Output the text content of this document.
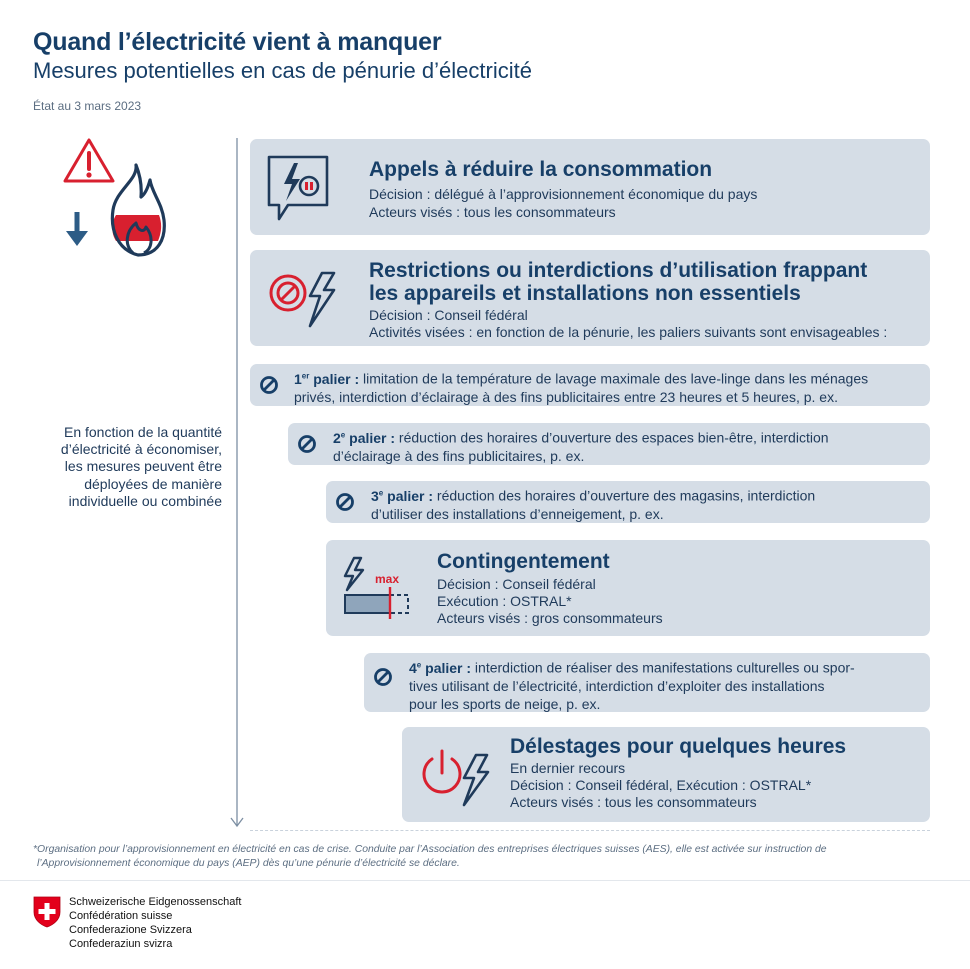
Quand l’électricité vient à manquer
Mesures potentielles en cas de pénurie d’électricité
État au 3 mars 2023
En fonction de la quantité d’électricité à économiser, les mesures peuvent être déployées de manière individuelle ou combinée
Appels à réduire la consommation
Décision : délégué à l’approvisionnement économique du pays
Acteurs visés : tous les consommateurs
Restrictions ou interdictions d’utilisation frappant
les appareils et installations non essentiels
Décision : Conseil fédéral
Activités visées : en fonction de la pénurie, les paliers suivants sont envisageables :
1er palier : limitation de la température de lavage maximale des lave-linge dans les ménages
privés, interdiction d’éclairage à des fins publicitaires entre 23 heures et 5 heures, p. ex.
2e palier : réduction des horaires d’ouverture des espaces bien-être, interdiction
d’éclairage à des fins publicitaires, p. ex.
3e palier : réduction des horaires d’ouverture des magasins, interdiction
d’utiliser des installations d’enneigement, p. ex.
max
Contingentement
Décision : Conseil fédéral
Exécution : OSTRAL*
Acteurs visés : gros consommateurs
4e palier : interdiction de réaliser des manifestations culturelles ou spor-
tives utilisant de l’électricité, interdiction d’exploiter des installations
pour les sports de neige, p. ex.
Délestages pour quelques heures
En dernier recours
Décision : Conseil fédéral, Exécution : OSTRAL*
Acteurs visés : tous les consommateurs
*Organisation pour l’approvisionnement en électricité en cas de crise. Conduite par l’Association des entreprises électriques suisses (AES), elle est activée sur instruction de
l’Approvisionnement économique du pays (AEP) dès qu’une pénurie d’électricité se déclare.
Schweizerische Eidgenossenschaft
Confédération suisse
Confederazione Svizzera
Confederaziun svizra
